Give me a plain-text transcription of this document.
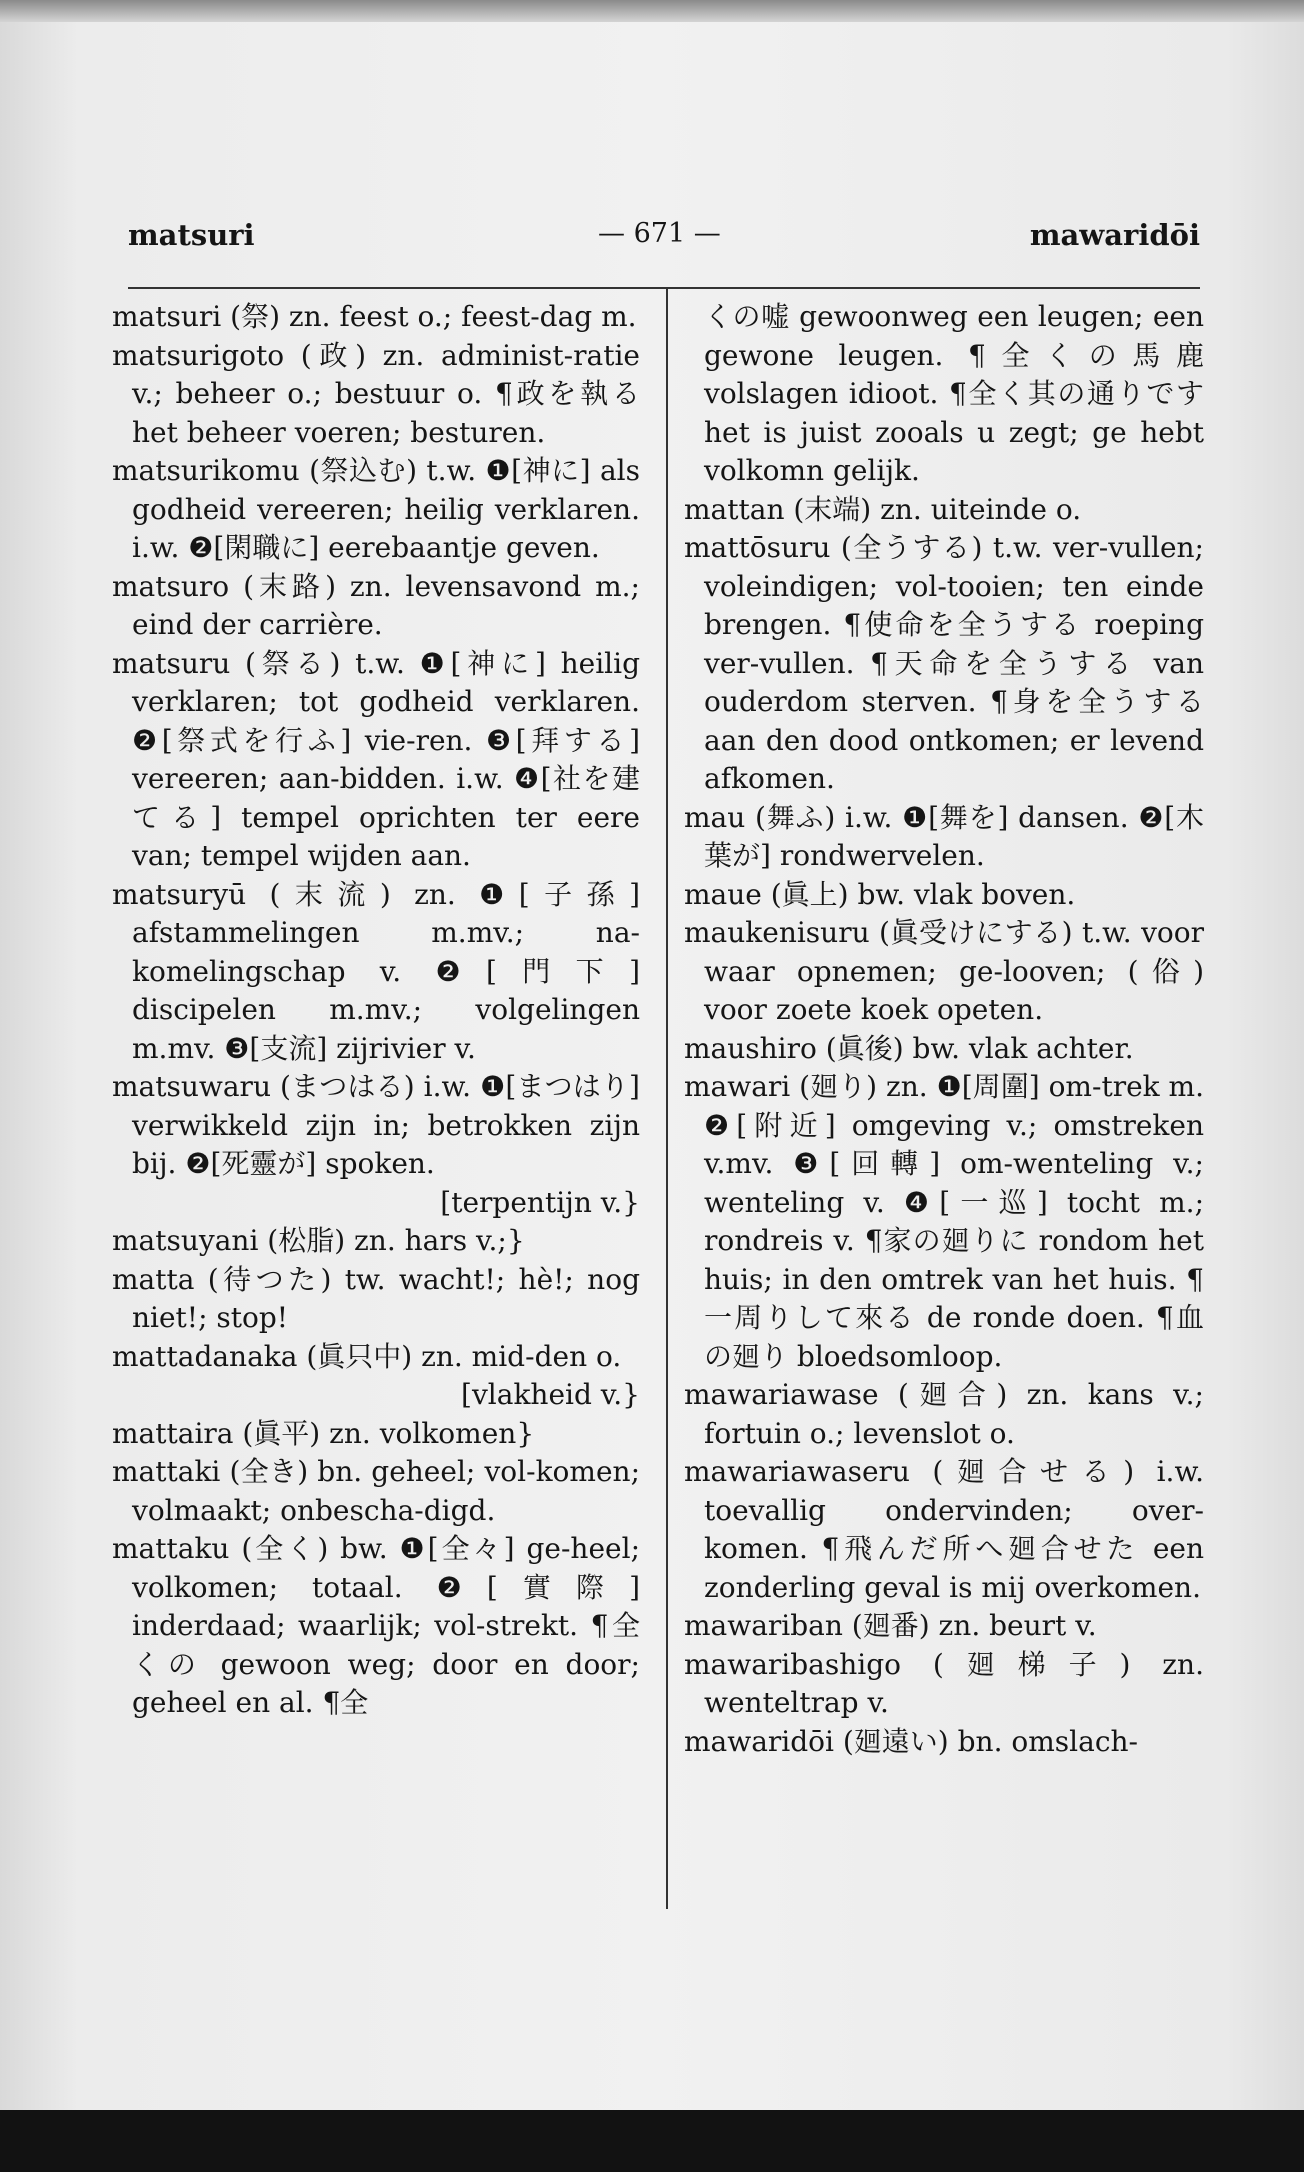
matsuri	— 671 —	mawaridōi

matsuri (祭) zn. feest o.; feest-dag m.

matsurigoto (政) zn. administ-ratie v.; beheer o.; bestuur o. ¶政を執る het beheer voeren; besturen.

matsurikomu (祭込む) t.w. ❶[神に] als godheid vereeren; heilig verklaren. i.w. ❷[閑職に] eerebaantje geven.

matsuro (末路) zn. levensavond m.; eind der carrière.

matsuru (祭る) t.w. ❶[神に] heilig verklaren; tot godheid verklaren. ❷[祭式を行ふ] vie-ren. ❸[拜する] vereeren; aan-bidden. i.w. ❹[社を建てる] tempel oprichten ter eere van; tempel wijden aan.

matsuryū (末流) zn. ❶[子孫] afstammelingen m.mv.; na-komelingschap v. ❷[門下] discipelen m.mv.; volgelingen m.mv. ❸[支流] zijrivier v.

matsuwaru (まつはる) i.w. ❶[まつはり] verwikkeld zijn in; betrokken zijn bij. ❷[死靈が] spoken.

[terpentijn v.}

matsuyani (松脂) zn. hars v.;}

matta (待つた) tw. wacht!; hè!; nog niet!; stop!

mattadanaka (眞只中) zn. mid-den o.

[vlakheid v.}

mattaira (眞平) zn. volkomen}

mattaki (全き) bn. geheel; vol-komen; volmaakt; onbescha-digd.

mattaku (全く) bw. ❶[全々] ge-heel; volkomen; totaal. ❷[實際] inderdaad; waarlijk; vol-strekt. ¶全くの gewoon weg; door en door; geheel en al. ¶全

くの嘘 gewoonweg een leugen; een gewone leugen. ¶全くの馬鹿 volslagen idioot. ¶全く其の通りです het is juist zooals u zegt; ge hebt volkomn gelijk.

mattan (末端) zn. uiteinde o.

mattōsuru (全うする) t.w. ver-vullen; voleindigen; vol-tooien; ten einde brengen. ¶使命を全うする roeping ver-vullen. ¶天命を全うする van ouderdom sterven. ¶身を全うする aan den dood ontkomen; er levend afkomen.

mau (舞ふ) i.w. ❶[舞を] dansen. ❷[木葉が] rondwervelen.

maue (眞上) bw. vlak boven.

maukenisuru (眞受けにする) t.w. voor waar opnemen; ge-looven; (俗) voor zoete koek opeten.

maushiro (眞後) bw. vlak achter.

mawari (廻り) zn. ❶[周圍] om-trek m. ❷[附近] omgeving v.; omstreken v.mv. ❸[回轉] om-wenteling v.; wenteling v. ❹[一巡] tocht m.; rondreis v. ¶家の廻りに rondom het huis; in den omtrek van het huis. ¶一周りして來る de ronde doen. ¶血の廻り bloedsomloop.

mawariawase (廻合) zn. kans v.; fortuin o.; levenslot o.

mawariawaseru (廻合せる) i.w. toevallig ondervinden; over-komen. ¶飛んだ所へ廻合せた een zonderling geval is mij overkomen.

mawariban (廻番) zn. beurt v.

mawaribashigo (廻梯子) zn. wenteltrap v.

mawaridōi (廻遠い) bn. omslach-
